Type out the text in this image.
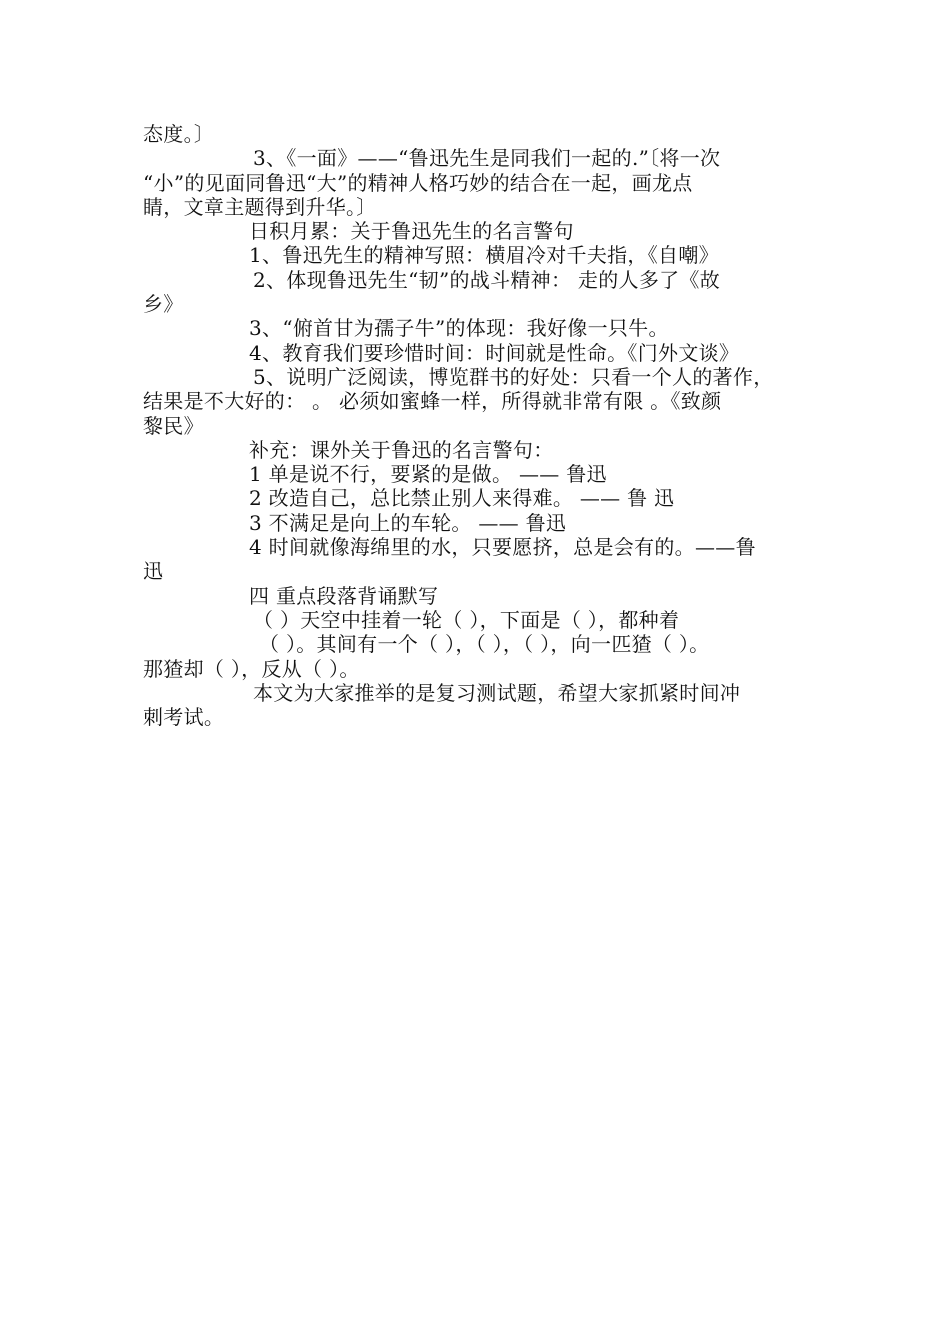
态度。〕
3、《一面》——“鲁迅先生是同我们一起的.”〔将一次
“小”的见面同鲁迅“大”的精神人格巧妙的结合在一起，画龙点
睛，文章主题得到升华。〕
日积月累：关于鲁迅先生的名言警句
1、鲁迅先生的精神写照：横眉冷对千夫指，《自嘲》
2、体现鲁迅先生“韧”的战斗精神： 走的人多了《故
乡》
3、“俯首甘为孺子牛”的体现：我好像一只牛。
4、教育我们要珍惜时间：时间就是性命。《门外文谈》
5、说明广泛阅读，博览群书的好处：只看一个人的著作，
结果是不大好的： 。 必须如蜜蜂一样，所得就非常有限 。《致颜
黎民》
补充：课外关于鲁迅的名言警句：
1 单是说不行，要紧的是做。 —— 鲁迅
2 改造自己，总比禁止别人来得难。 —— 鲁 迅
3 不满足是向上的车轮。 —— 鲁迅
4 时间就像海绵里的水，只要愿挤，总是会有的。——鲁
迅
四 重点段落背诵默写
（ ）天空中挂着一轮（ ），下面是（ ），都种着
（ ）。其间有一个（ ），（ ），（ ），向一匹猹（ ）。
那猹却（ ），反从（ ）。
本文为大家推举的是复习测试题，希望大家抓紧时间冲
刺考试。
